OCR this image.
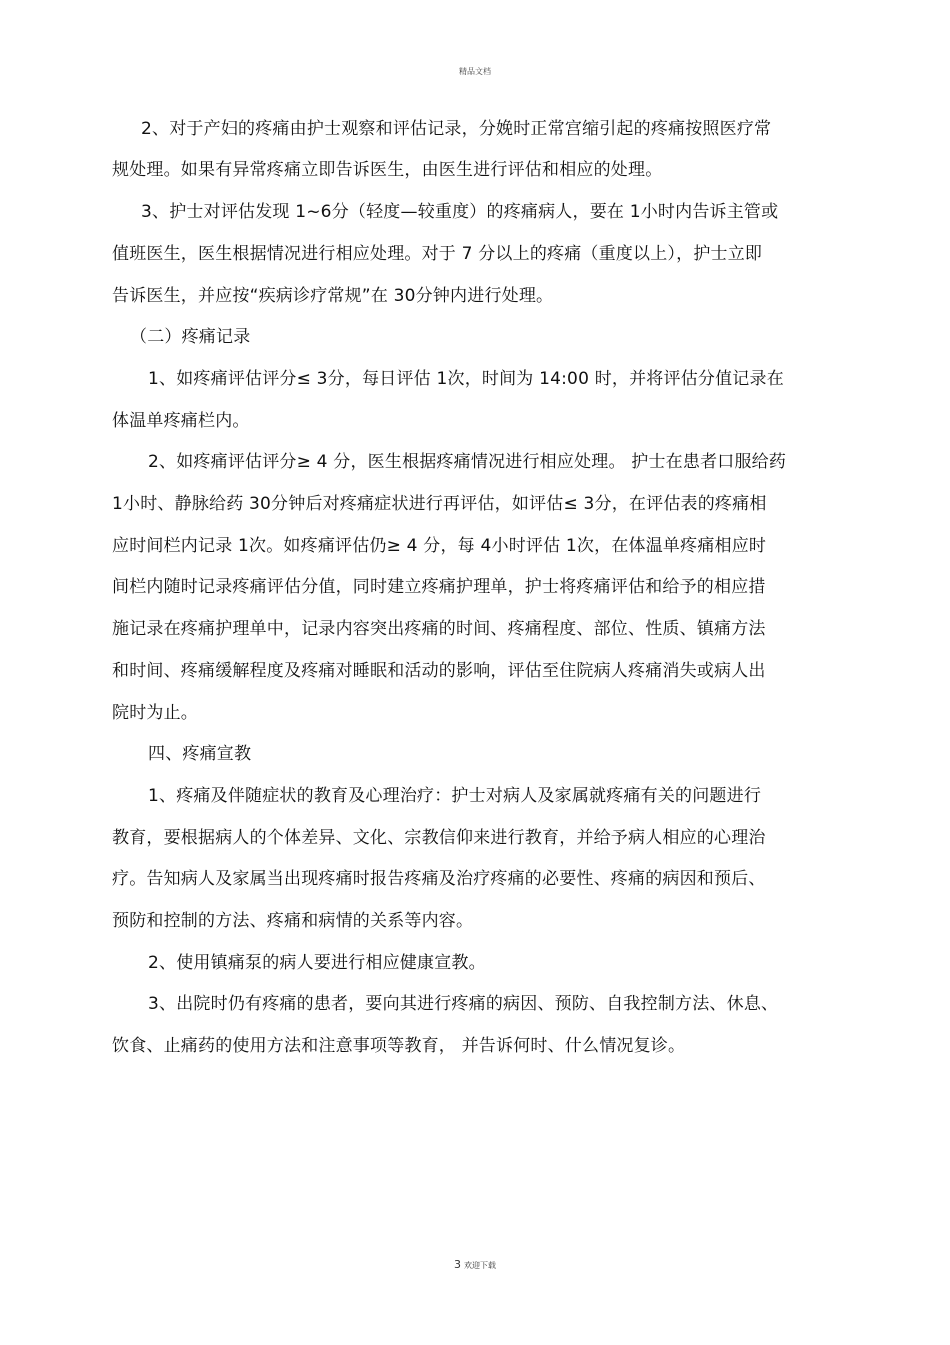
精品文档
2、对于产妇的疼痛由护士观察和评估记录，分娩时正常宫缩引起的疼痛按照医疗常
规处理。如果有异常疼痛立即告诉医生，由医生进行评估和相应的处理。
3、护士对评估发现 1~6分（轻度—较重度）的疼痛病人，要在 1小时内告诉主管或
值班医生，医生根据情况进行相应处理。对于 7 分以上的疼痛（重度以上），护士立即
告诉医生，并应按“疾病诊疗常规”在 30分钟内进行处理。
（二）疼痛记录
1、如疼痛评估评分≤ 3分，每日评估 1次，时间为 14:00 时，并将评估分值记录在
体温单疼痛栏内。
2、如疼痛评估评分≥ 4 分，医生根据疼痛情况进行相应处理。 护士在患者口服给药
1小时、静脉给药 30分钟后对疼痛症状进行再评估，如评估≤ 3分，在评估表的疼痛相
应时间栏内记录 1次。如疼痛评估仍≥ 4 分，每 4小时评估 1次，在体温单疼痛相应时
间栏内随时记录疼痛评估分值，同时建立疼痛护理单，护士将疼痛评估和给予的相应措
施记录在疼痛护理单中，记录内容突出疼痛的时间、疼痛程度、部位、性质、镇痛方法
和时间、疼痛缓解程度及疼痛对睡眠和活动的影响，评估至住院病人疼痛消失或病人出
院时为止。
四、疼痛宣教
1、疼痛及伴随症状的教育及心理治疗：护士对病人及家属就疼痛有关的问题进行
教育，要根据病人的个体差异、文化、宗教信仰来进行教育，并给予病人相应的心理治
疗。告知病人及家属当出现疼痛时报告疼痛及治疗疼痛的必要性、疼痛的病因和预后、
预防和控制的方法、疼痛和病情的关系等内容。
2、使用镇痛泵的病人要进行相应健康宣教。
3、出院时仍有疼痛的患者，要向其进行疼痛的病因、预防、自我控制方法、休息、
饮食、止痛药的使用方法和注意事项等教育， 并告诉何时、什么情况复诊。
3 欢迎下载
